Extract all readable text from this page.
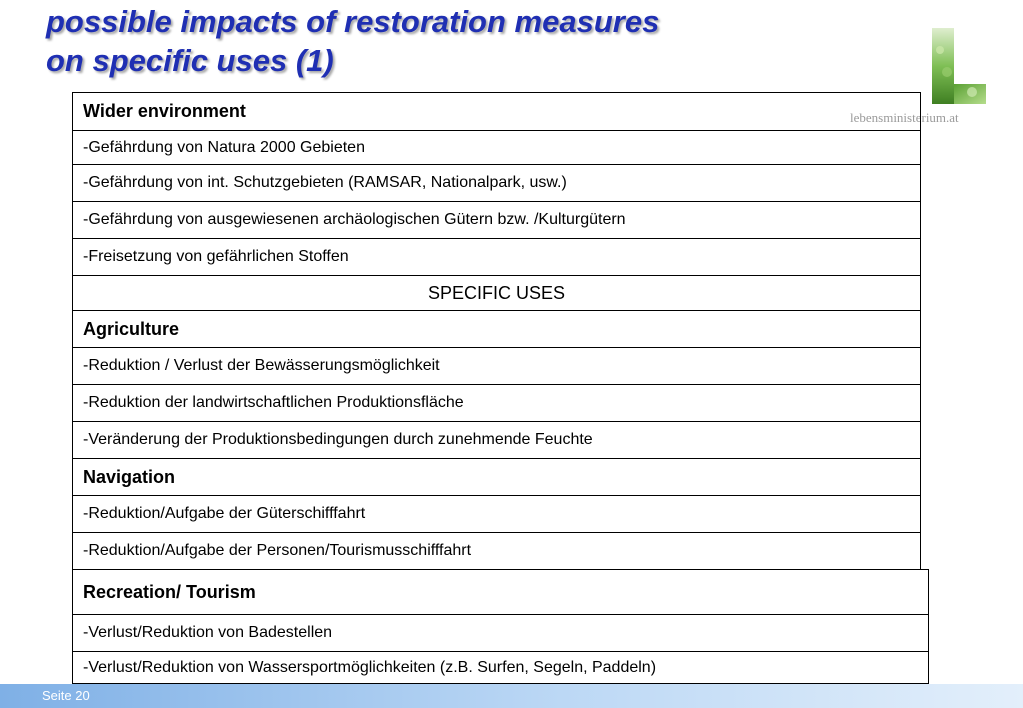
possible impacts of restoration measures
on specific uses (1)
lebensministerium.at
Wider environment
-Gefährdung von Natura 2000 Gebieten
-Gefährdung von int. Schutzgebieten (RAMSAR, Nationalpark, usw.)
-Gefährdung von ausgewiesenen archäologischen Gütern bzw. /Kulturgütern
-Freisetzung von gefährlichen Stoffen
SPECIFIC USES
Agriculture
-Reduktion / Verlust der Bewässerungsmöglichkeit
-Reduktion der landwirtschaftlichen Produktionsfläche
-Veränderung der Produktionsbedingungen durch zunehmende Feuchte
Navigation
-Reduktion/Aufgabe der Güterschifffahrt
-Reduktion/Aufgabe der Personen/Tourismusschifffahrt
Recreation/ Tourism
-Verlust/Reduktion von Badestellen
-Verlust/Reduktion von Wassersportmöglichkeiten (z.B. Surfen, Segeln, Paddeln)
Seite 20
